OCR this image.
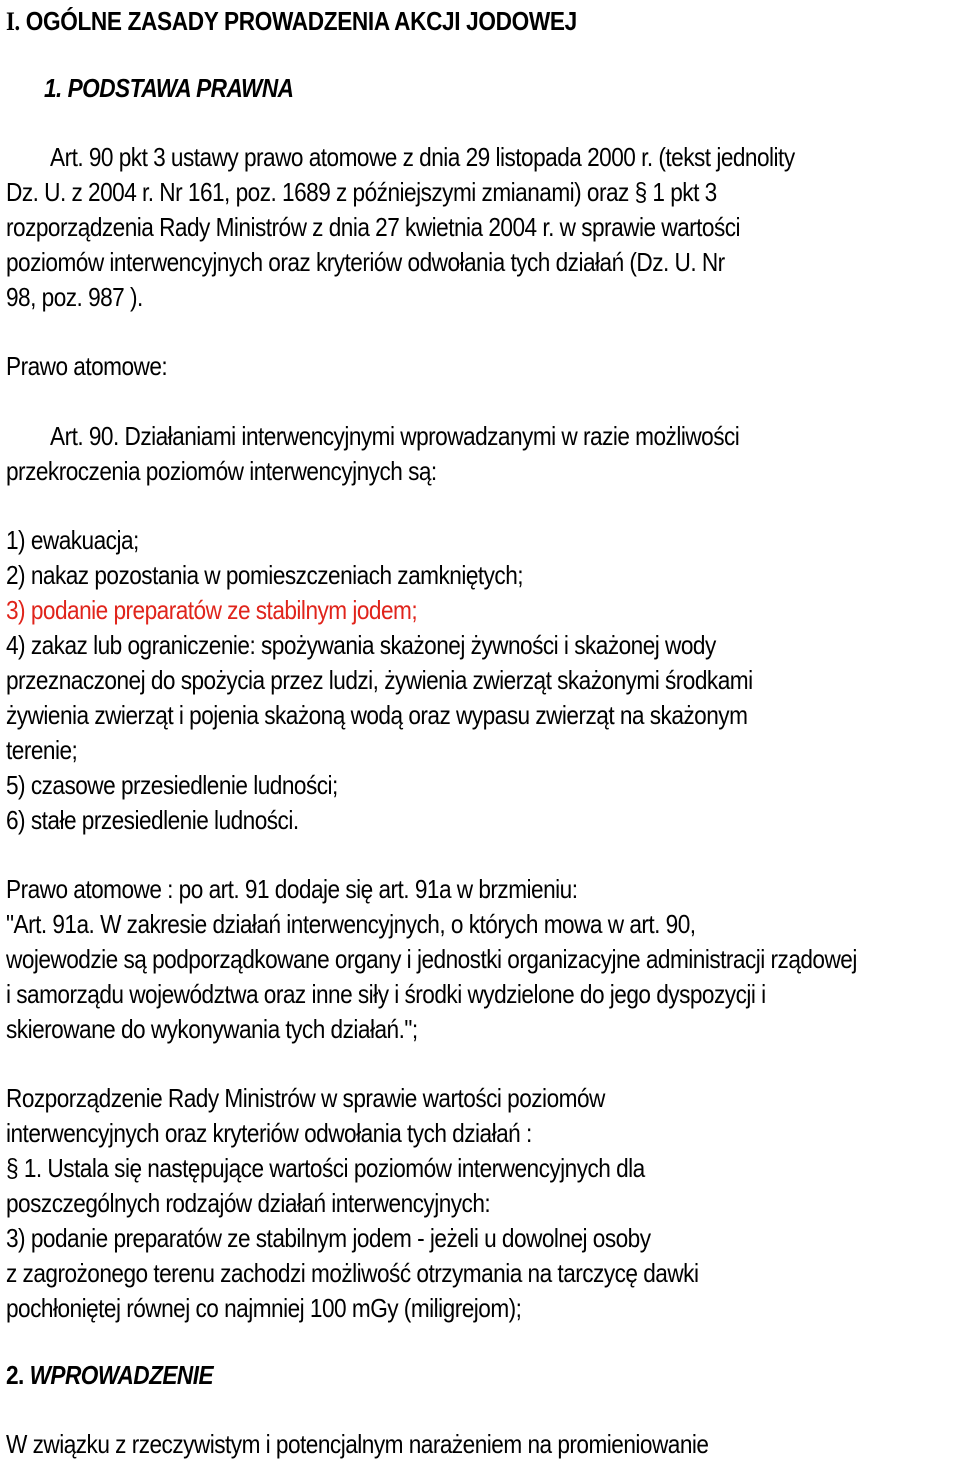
I. OGÓLNE ZASADY PROWADZENIA AKCJI JODOWEJ

1. PODSTAWA PRAWNA

Art. 90 pkt 3 ustawy prawo atomowe z dnia 29 listopada 2000 r. (tekst jednolity

Dz. U. z 2004 r. Nr 161, poz. 1689 z późniejszymi zmianami) oraz § 1 pkt 3

rozporządzenia Rady Ministrów z dnia 27 kwietnia 2004 r. w sprawie wartości

poziomów interwencyjnych oraz kryteriów odwołania tych działań (Dz. U. Nr

98, poz. 987 ).

Prawo atomowe:

Art. 90. Działaniami interwencyjnymi wprowadzanymi w razie możliwości

przekroczenia poziomów interwencyjnych są:

1) ewakuacja;

2) nakaz pozostania w pomieszczeniach zamkniętych;

3) podanie preparatów ze stabilnym jodem;

4) zakaz lub ograniczenie: spożywania skażonej żywności i skażonej wody

przeznaczonej do spożycia przez ludzi, żywienia zwierząt skażonymi środkami

żywienia zwierząt i pojenia skażoną wodą oraz wypasu zwierząt na skażonym

terenie;

5) czasowe przesiedlenie ludności;

6) stałe przesiedlenie ludności.

Prawo atomowe : po art. 91 dodaje się art. 91a w brzmieniu:

"Art. 91a. W zakresie działań interwencyjnych, o których mowa w art. 90,

wojewodzie są podporządkowane organy i jednostki organizacyjne administracji rządowej

i samorządu województwa oraz inne siły i środki wydzielone do jego dyspozycji i

skierowane do wykonywania tych działań.";

Rozporządzenie Rady Ministrów w sprawie wartości poziomów

interwencyjnych oraz kryteriów odwołania tych działań :

§ 1. Ustala się następujące wartości poziomów interwencyjnych dla

poszczególnych rodzajów działań interwencyjnych:

3) podanie preparatów ze stabilnym jodem - jeżeli u dowolnej osoby

z zagrożonego terenu zachodzi możliwość otrzymania na tarczycę dawki

pochłoniętej równej co najmniej 100 mGy (miligrejom);

2. WPROWADZENIE

W związku z rzeczywistym i potencjalnym narażeniem na promieniowanie
